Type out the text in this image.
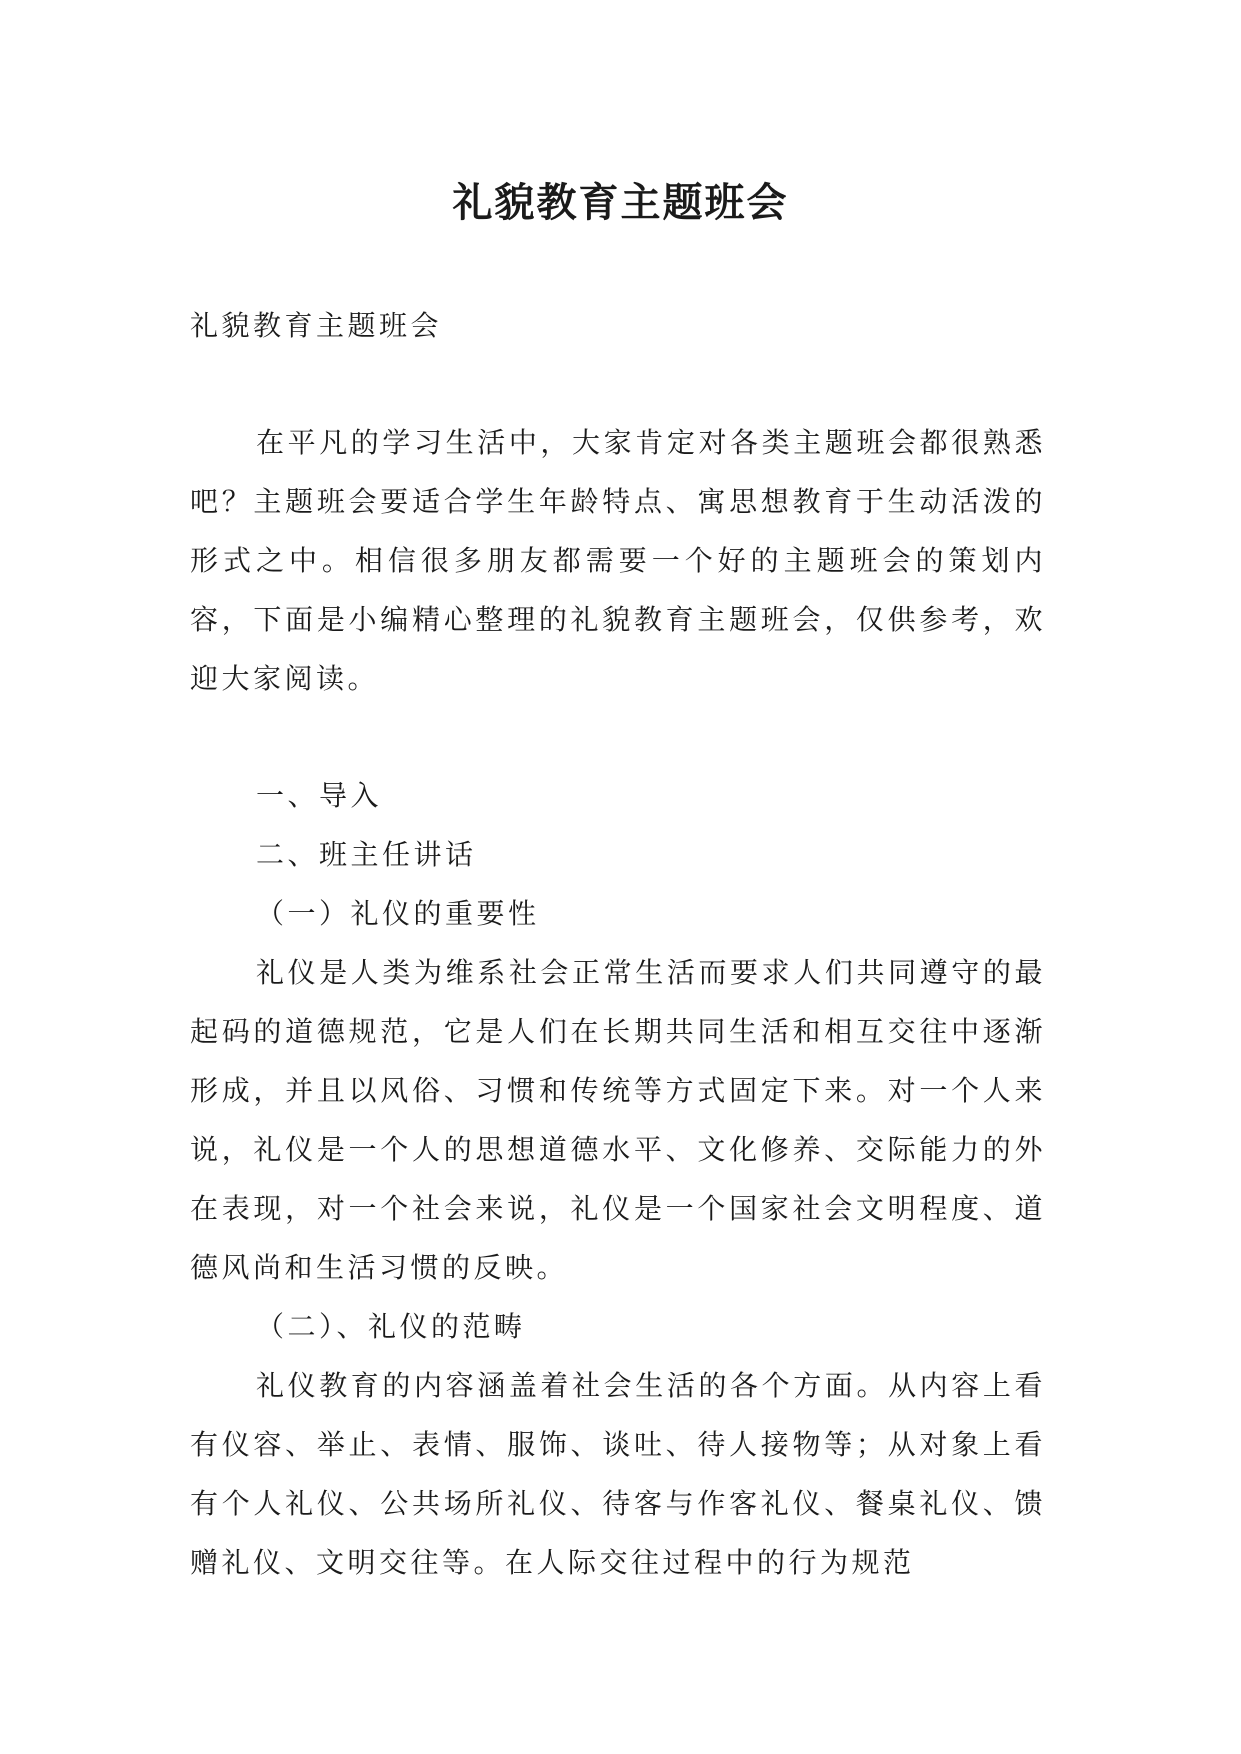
礼貌教育主题班会

礼貌教育主题班会

在平凡的学习生活中，大家肯定对各类主题班会都很熟悉吧？主题班会要适合学生年龄特点、寓思想教育于生动活泼的形式之中。相信很多朋友都需要一个好的主题班会的策划内容，下面是小编精心整理的礼貌教育主题班会，仅供参考，欢迎大家阅读。

一、导入

二、班主任讲话

（一）礼仪的重要性

礼仪是人类为维系社会正常生活而要求人们共同遵守的最起码的道德规范，它是人们在长期共同生活和相互交往中逐渐形成，并且以风俗、习惯和传统等方式固定下来。对一个人来说，礼仪是一个人的思想道德水平、文化修养、交际能力的外在表现，对一个社会来说，礼仪是一个国家社会文明程度、道德风尚和生活习惯的反映。

（二）、礼仪的范畴

礼仪教育的内容涵盖着社会生活的各个方面。从内容上看有仪容、举止、表情、服饰、谈吐、待人接物等；从对象上看有个人礼仪、公共场所礼仪、待客与作客礼仪、餐桌礼仪、馈赠礼仪、文明交往等。在人际交往过程中的行为规范
